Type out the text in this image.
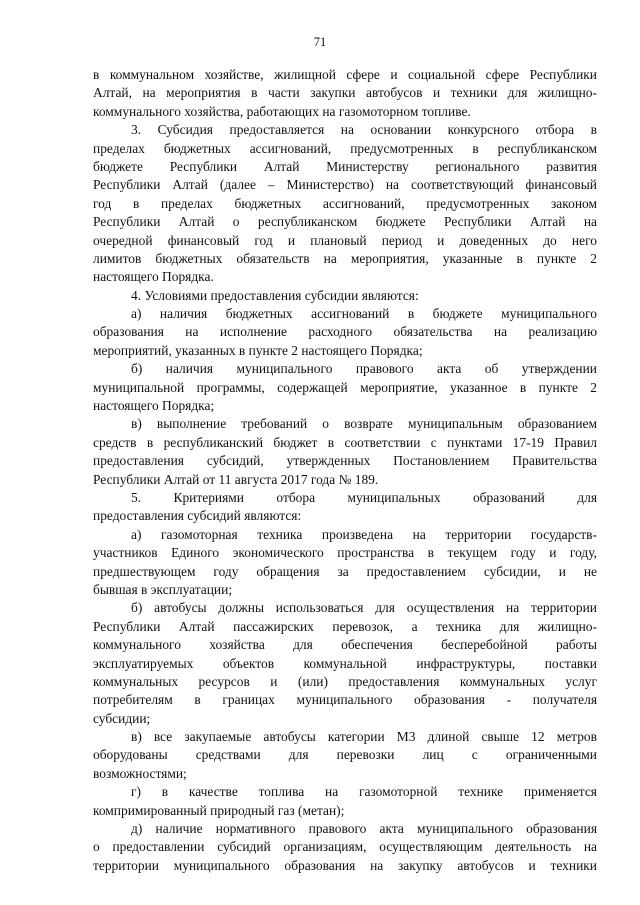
71
в коммунальном хозяйстве, жилищной сфере и социальной сфере Республики
Алтай, на мероприятия в части закупки автобусов и техники для жилищно-
коммунального хозяйства, работающих на газомоторном топливе.
3. Субсидия предоставляется на основании конкурсного отбора в
пределах бюджетных ассигнований, предусмотренных в республиканском
бюджете Республики Алтай Министерству регионального развития
Республики Алтай (далее – Министерство) на соответствующий финансовый
год в пределах бюджетных ассигнований, предусмотренных законом
Республики Алтай о республиканском бюджете Республики Алтай на
очередной финансовый год и плановый период и доведенных до него
лимитов бюджетных обязательств на мероприятия, указанные в пункте 2
настоящего Порядка.
4. Условиями предоставления субсидии являются:
а) наличия бюджетных ассигнований в бюджете муниципального
образования на исполнение расходного обязательства на реализацию
мероприятий, указанных в пункте 2 настоящего Порядка;
б) наличия муниципального правового акта об утверждении
муниципальной программы, содержащей мероприятие, указанное в пункте 2
настоящего Порядка;
в) выполнение требований о возврате муниципальным образованием
средств в республиканский бюджет в соответствии с пунктами 17-19 Правил
предоставления субсидий, утвержденных Постановлением Правительства
Республики Алтай от 11 августа 2017 года № 189.
5. Критериями отбора муниципальных образований для
предоставления субсидий являются:
а) газомоторная техника произведена на территории государств-
участников Единого экономического пространства в текущем году и году,
предшествующем году обращения за предоставлением субсидии, и не
бывшая в эксплуатации;
б) автобусы должны использоваться для осуществления на территории
Республики Алтай пассажирских перевозок, а техника для жилищно-
коммунального хозяйства для обеспечения бесперебойной работы
эксплуатируемых объектов коммунальной инфраструктуры, поставки
коммунальных ресурсов и (или) предоставления коммунальных услуг
потребителям в границах муниципального образования - получателя
субсидии;
в) все закупаемые автобусы категории М3 длиной свыше 12 метров
оборудованы средствами для перевозки лиц с ограниченными
возможностями;
г) в качестве топлива на газомоторной технике применяется
компримированный природный газ (метан);
д) наличие нормативного правового акта муниципального образования
о предоставлении субсидий организациям, осуществляющим деятельность на
территории муниципального образования на закупку автобусов и техники
